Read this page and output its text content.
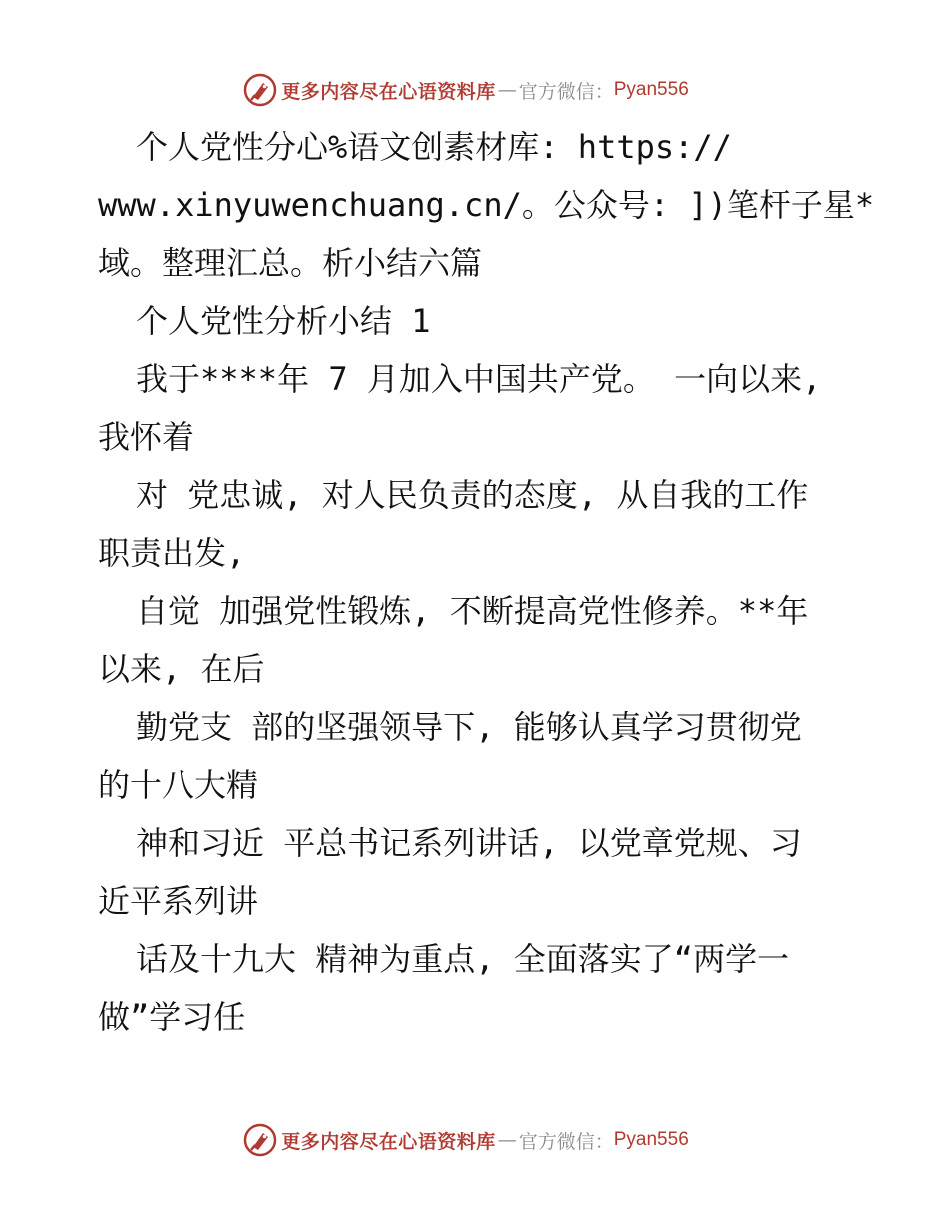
更多内容尽在心语资料库 — 官方微信： Pyan556
个人党性分心%语文创素材库: https://
www.xinyuwenchuang.cn/。公众号: ])笔杆子星*
域。整理汇总。析小结六篇
个人党性分析小结 1
我于****年 7 月加入中国共产党。 一向以来,
我怀着
对 党忠诚, 对人民负责的态度, 从自我的工作
职责出发,
自觉 加强党性锻炼, 不断提高党性修养。**年
以来, 在后
勤党支 部的坚强领导下, 能够认真学习贯彻党
的十八大精
神和习近 平总书记系列讲话, 以党章党规、习
近平系列讲
话及十九大 精神为重点, 全面落实了“两学一
做”学习任
更多内容尽在心语资料库 — 官方微信： Pyan556
